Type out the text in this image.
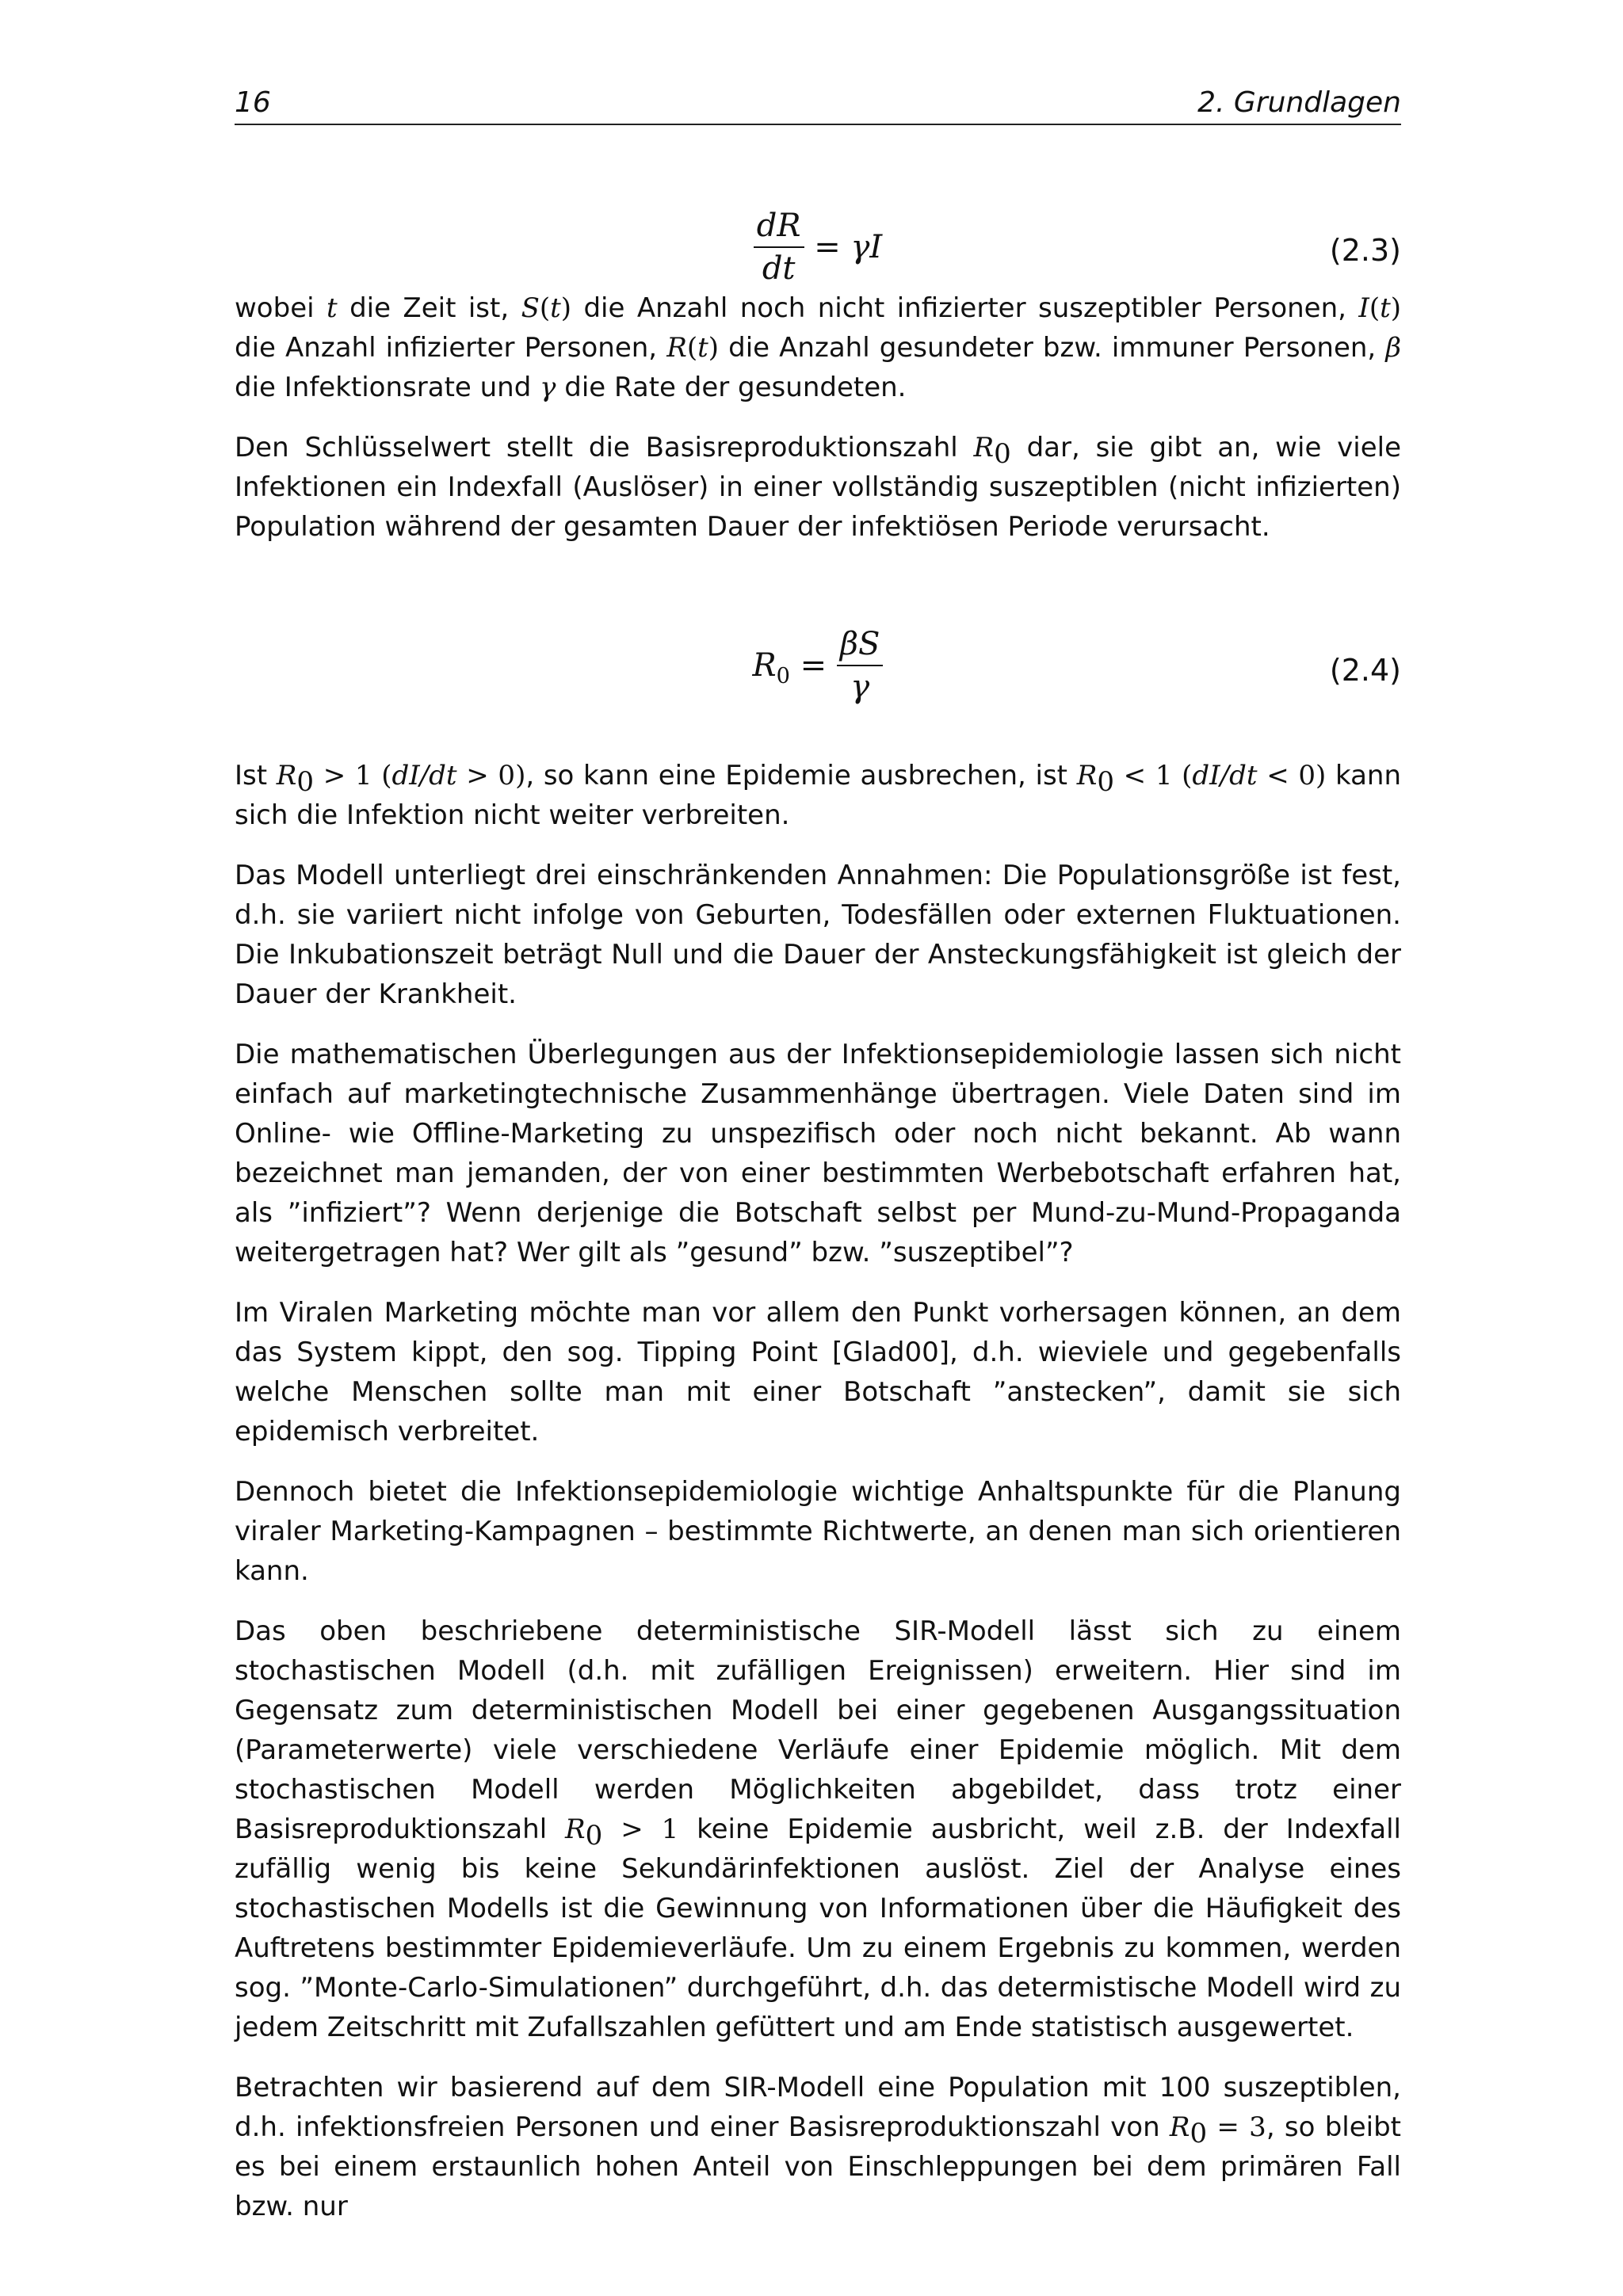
16	2. Grundlagen
$\frac{dR}{dt} = \gamma I$	(2.3)
$R_0 = \frac{\beta S}{\gamma}$	(2.4)

wobei t die Zeit ist, S(t) die Anzahl noch nicht infizierter suszeptibler Personen, I(t) die Anzahl infizierter Personen, R(t) die Anzahl gesundeter bzw. immuner Personen, β die Infektionsrate und γ die Rate der gesundeten.

Den Schlüsselwert stellt die Basisreproduktionszahl $R_0$ dar, sie gibt an, wie viele Infektionen ein Indexfall (Auslöser) in einer vollständig suszeptiblen (nicht infizierten) Population während der gesamten Dauer der infektiösen Periode verursacht.

Ist $R_0 > 1$ (dI/dt > 0), so kann eine Epidemie ausbrechen, ist $R_0 < 1$ (dI/dt < 0) kann sich die Infektion nicht weiter verbreiten.

Das Modell unterliegt drei einschränkenden Annahmen: Die Populationsgröße ist fest, d.h. sie variiert nicht infolge von Geburten, Todesfällen oder externen Fluktuationen. Die Inkubationszeit beträgt Null und die Dauer der Ansteckungsfähigkeit ist gleich der Dauer der Krankheit.

Die mathematischen Überlegungen aus der Infektionsepidemiologie lassen sich nicht einfach auf marketingtechnische Zusammenhänge übertragen. Viele Daten sind im Online- wie Offline-Marketing zu unspezifisch oder noch nicht bekannt. Ab wann bezeichnet man jemanden, der von einer bestimmten Werbebotschaft erfahren hat, als ”infiziert”? Wenn derjenige die Botschaft selbst per Mund-zu-Mund-Propaganda weitergetragen hat? Wer gilt als ”gesund” bzw. ”suszeptibel”?

Im Viralen Marketing möchte man vor allem den Punkt vorhersagen können, an dem das System kippt, den sog. Tipping Point [Glad00], d.h. wieviele und gegebenfalls welche Menschen sollte man mit einer Botschaft ”anstecken”, damit sie sich epidemisch verbreitet.

Dennoch bietet die Infektionsepidemiologie wichtige Anhaltspunkte für die Planung viraler Marketing-Kampagnen – bestimmte Richtwerte, an denen man sich orientieren kann.

Das oben beschriebene deterministische SIR-Modell lässt sich zu einem stochastischen Modell (d.h. mit zufälligen Ereignissen) erweitern. Hier sind im Gegensatz zum deterministischen Modell bei einer gegebenen Ausgangssituation (Parameterwerte) viele verschiedene Verläufe einer Epidemie möglich. Mit dem stochastischen Modell werden Möglichkeiten abgebildet, dass trotz einer Basisreproduktionszahl $R_0 > 1$ keine Epidemie ausbricht, weil z.B. der Indexfall zufällig wenig bis keine Sekundärinfektionen auslöst. Ziel der Analyse eines stochastischen Modells ist die Gewinnung von Informationen über die Häufigkeit des Auftretens bestimmter Epidemieverläufe. Um zu einem Ergebnis zu kommen, werden sog. ”Monte-Carlo-Simulationen” durchgeführt, d.h. das determistische Modell wird zu jedem Zeitschritt mit Zufallszahlen gefüttert und am Ende statistisch ausgewertet.

Betrachten wir basierend auf dem SIR-Modell eine Population mit 100 suszeptiblen, d.h. infektionsfreien Personen und einer Basisreproduktionszahl von $R_0 = 3$, so bleibt es bei einem erstaunlich hohen Anteil von Einschleppungen bei dem primären Fall bzw. nur
